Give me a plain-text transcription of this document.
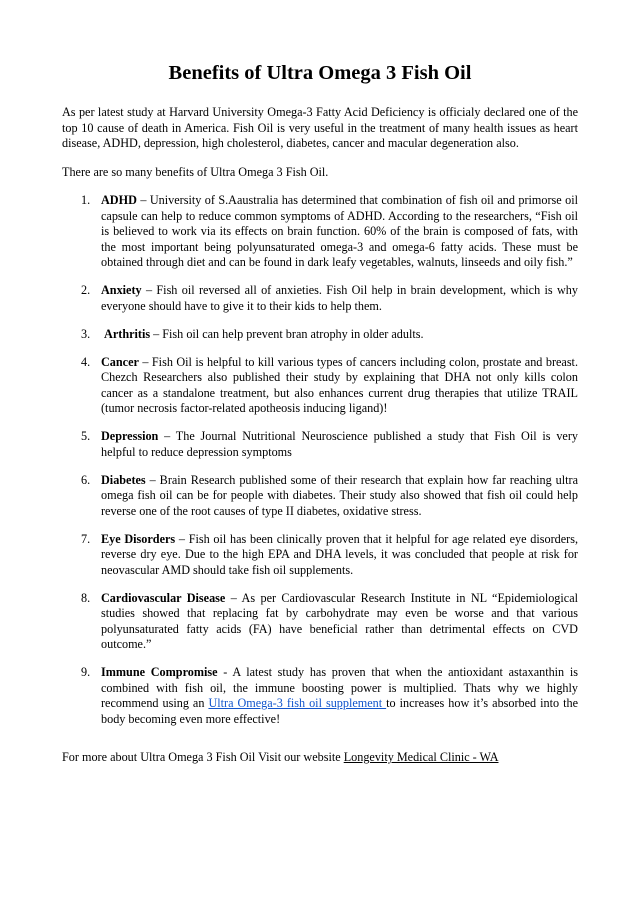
Benefits of Ultra Omega 3 Fish Oil

As per latest study at Harvard University Omega-3 Fatty Acid Deficiency is officialy declared one of the top 10 cause of death in America. Fish Oil is very useful in the treatment of many health issues as heart disease, ADHD, depression, high cholesterol, diabetes, cancer and macular degeneration also.

There are so many benefits of Ultra Omega 3 Fish Oil.

1. ADHD – University of S.Aaustralia has determined that combination of fish oil and primorse oil capsule can help to reduce common symptoms of ADHD. According to the researchers, “Fish oil is believed to work via its effects on brain function. 60% of the brain is composed of fats, with the most important being polyunsaturated omega-3 and omega-6 fatty acids. These must be obtained through diet and can be found in dark leafy vegetables, walnuts, linseeds and oily fish.”
2. Anxiety – Fish oil reversed all of anxieties. Fish Oil help in brain development, which is why everyone should have to give it to their kids to help them.
3. Arthritis – Fish oil can help prevent bran atrophy in older adults.
4. Cancer – Fish Oil is helpful to kill various types of cancers including colon, prostate and breast. Chezch Researchers also published their study by explaining that DHA not only kills colon cancer as a standalone treatment, but also enhances current drug therapies that utilize TRAIL (tumor necrosis factor-related apotheosis inducing ligand)!
5. Depression – The Journal Nutritional Neuroscience published a study that Fish Oil is very helpful to reduce depression symptoms
6. Diabetes – Brain Research published some of their research that explain how far reaching ultra omega fish oil can be for people with diabetes. Their study also showed that fish oil could help reverse one of the root causes of type II diabetes, oxidative stress.
7. Eye Disorders – Fish oil has been clinically proven that it helpful for age related eye disorders, reverse dry eye. Due to the high EPA and DHA levels, it was concluded that people at risk for neovascular AMD should take fish oil supplements.
8. Cardiovascular Disease – As per Cardiovascular Research Institute in NL “Epidemiological studies showed that replacing fat by carbohydrate may even be worse and that various polyunsaturated fatty acids (FA) have beneficial rather than detrimental effects on CVD outcome.”
9. Immune Compromise - A latest study has proven that when the antioxidant astaxanthin is combined with fish oil, the immune boosting power is multiplied. Thats why we highly recommend using an Ultra Omega-3 fish oil supplement to increases how it’s absorbed into the body becoming even more effective!

For more about Ultra Omega 3 Fish Oil Visit our website Longevity Medical Clinic - WA
